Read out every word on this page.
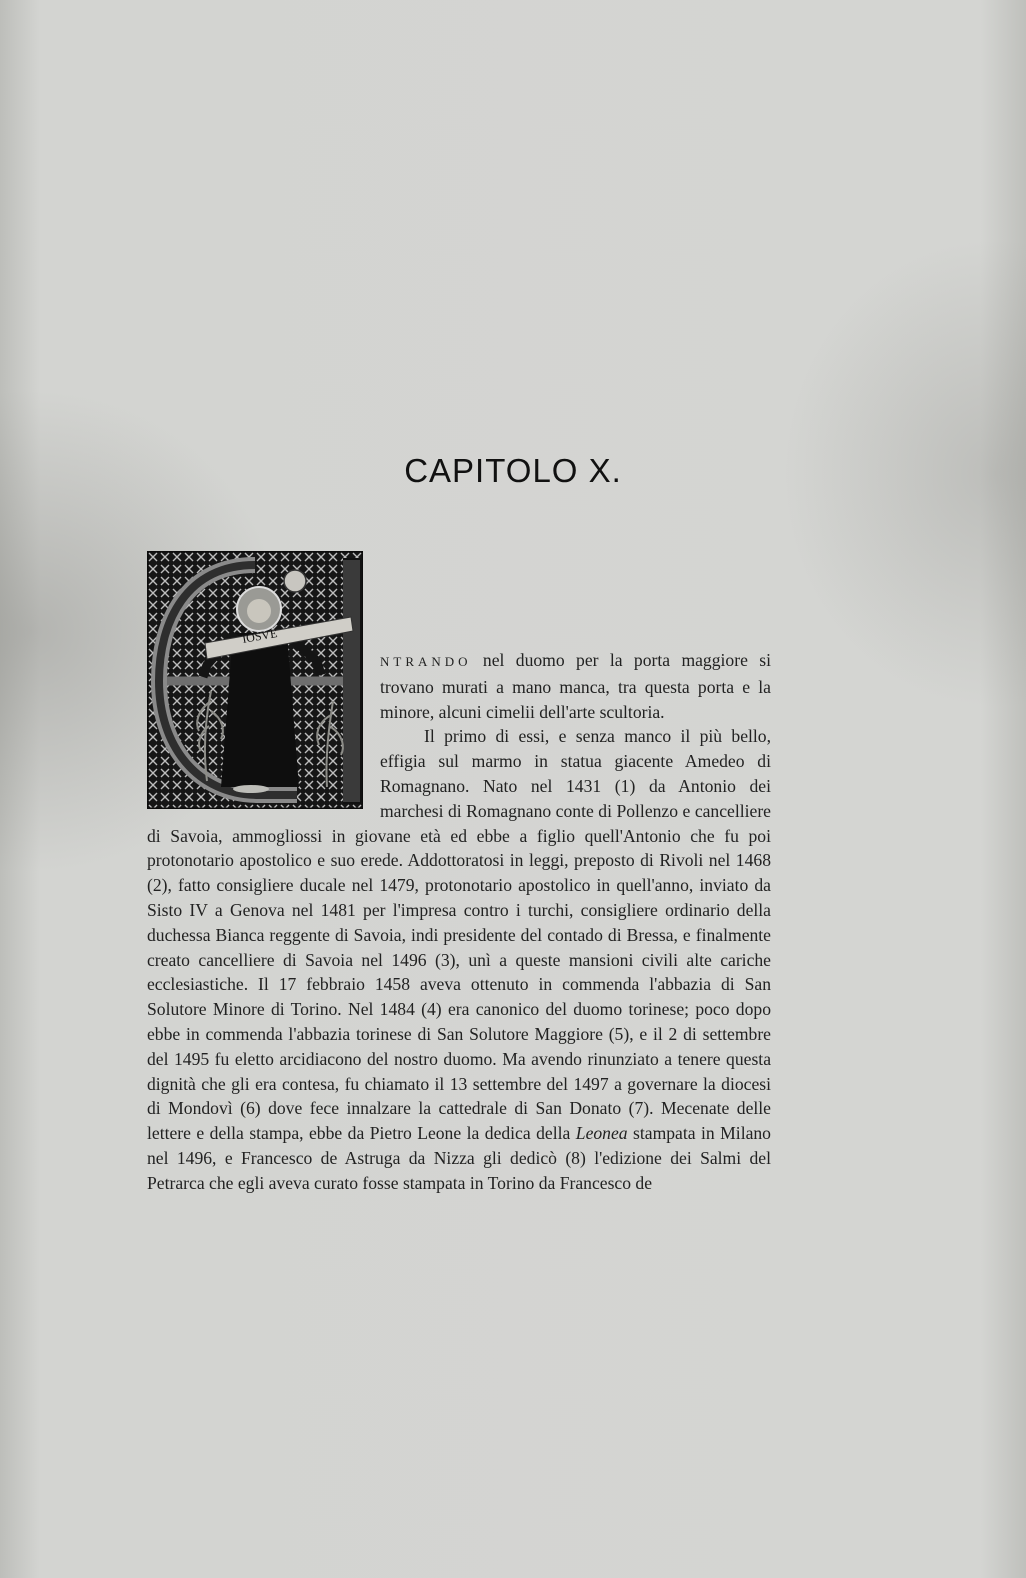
CAPITOLO X.
IOSVE

NTRANDO nel duomo per la porta maggiore si trovano murati a mano manca, tra questa porta e la minore, alcuni cimelii dell'arte scultoria.

Il primo di essi, e senza manco il più bello, effigia sul marmo in statua giacente Amedeo di Romagnano. Nato nel 1431 (1) da Antonio dei marchesi di Romagnano conte di Pollenzo e cancelliere di Savoia, ammogliossi in giovane età ed ebbe a figlio quell'Antonio che fu poi protonotario apostolico e suo erede. Addottoratosi in leggi, preposto di Rivoli nel 1468 (2), fatto consigliere ducale nel 1479, protonotario apostolico in quell'anno, inviato da Sisto IV a Genova nel 1481 per l'impresa contro i turchi, consigliere ordinario della duchessa Bianca reggente di Savoia, indi presidente del contado di Bressa, e finalmente creato cancelliere di Savoia nel 1496 (3), unì a queste mansioni civili alte cariche ecclesiastiche. Il 17 febbraio 1458 aveva ottenuto in commenda l'abbazia di San Solutore Minore di Torino. Nel 1484 (4) era canonico del duomo torinese; poco dopo ebbe in commenda l'abbazia torinese di San Solutore Maggiore (5), e il 2 di settembre del 1495 fu eletto arcidiacono del nostro duomo. Ma avendo rinunziato a tenere questa dignità che gli era contesa, fu chiamato il 13 settembre del 1497 a governare la diocesi di Mondovì (6) dove fece innalzare la cattedrale di San Donato (7). Mecenate delle lettere e della stampa, ebbe da Pietro Leone la dedica della Leonea stampata in Milano nel 1496, e Francesco de Astruga da Nizza gli dedicò (8) l'edizione dei Salmi del Petrarca che egli aveva curato fosse stampata in Torino da Francesco de
